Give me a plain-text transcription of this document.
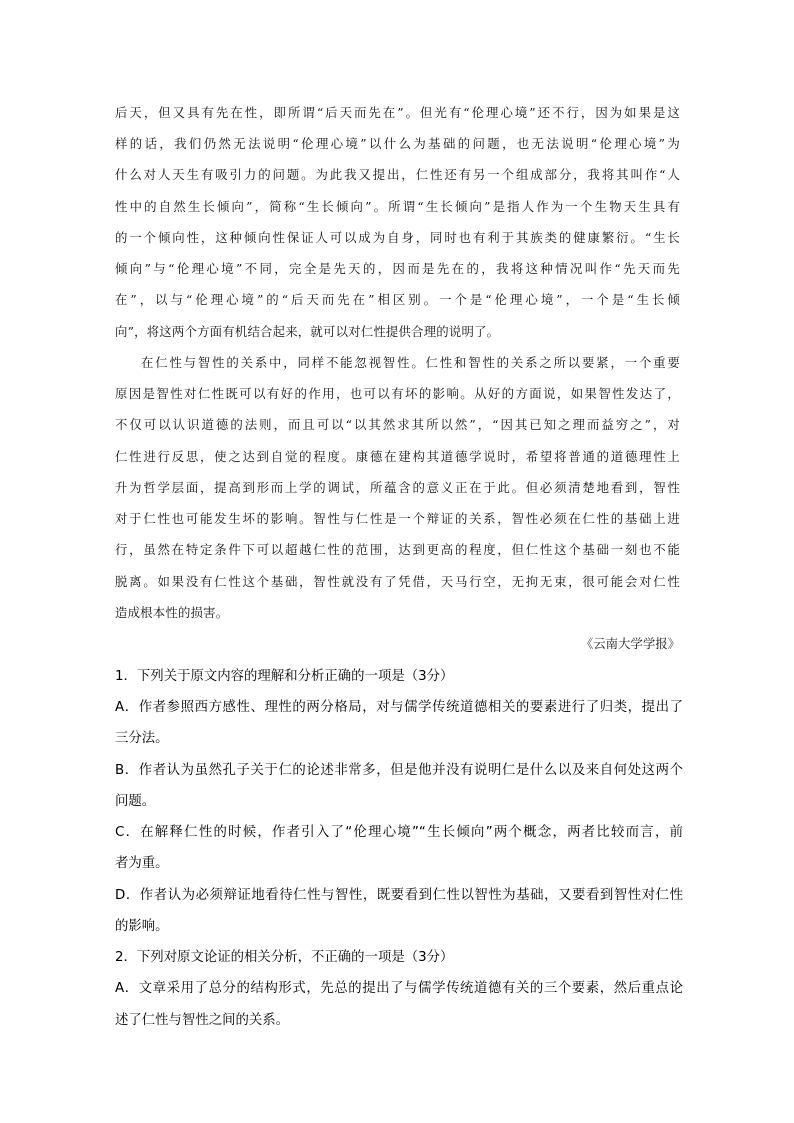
后天，但又具有先在性，即所谓“后天而先在”。但光有“伦理心境”还不行，因为如果是这
样的话，我们仍然无法说明“伦理心境”以什么为基础的问题，也无法说明“伦理心境”为
什么对人天生有吸引力的问题。为此我又提出，仁性还有另一个组成部分，我将其叫作“人
性中的自然生长倾向”，简称“生长倾向”。所谓“生长倾向”是指人作为一个生物天生具有
的一个倾向性，这种倾向性保证人可以成为自身，同时也有利于其族类的健康繁衍。“生长
倾向”与“伦理心境”不同，完全是先天的，因而是先在的，我将这种情况叫作“先天而先
在”，以与“伦理心境”的“后天而先在”相区别。一个是“伦理心境”，一个是“生长倾
向”，将这两个方面有机结合起来，就可以对仁性提供合理的说明了。
在仁性与智性的关系中，同样不能忽视智性。仁性和智性的关系之所以要紧，一个重要
原因是智性对仁性既可以有好的作用，也可以有坏的影响。从好的方面说，如果智性发达了，
不仅可以认识道德的法则，而且可以“以其然求其所以然”，“因其已知之理而益穷之”，对
仁性进行反思，使之达到自觉的程度。康德在建构其道德学说时，希望将普通的道德理性上
升为哲学层面，提高到形而上学的调试，所蕴含的意义正在于此。但必须清楚地看到，智性
对于仁性也可能发生坏的影响。智性与仁性是一个辩证的关系，智性必须在仁性的基础上进
行，虽然在特定条件下可以超越仁性的范围，达到更高的程度，但仁性这个基础一刻也不能
脱离。如果没有仁性这个基础，智性就没有了凭借，天马行空，无拘无束，很可能会对仁性
造成根本性的损害。
《云南大学学报》
1．下列关于原文内容的理解和分析正确的一项是（3分）
A．作者参照西方感性、理性的两分格局，对与儒学传统道德相关的要素进行了归类，提出了
三分法。
B．作者认为虽然孔子关于仁的论述非常多，但是他并没有说明仁是什么以及来自何处这两个
问题。
C．在解释仁性的时候，作者引入了“伦理心境”“生长倾向”两个概念，两者比较而言，前
者为重。
D．作者认为必须辩证地看待仁性与智性，既要看到仁性以智性为基础，又要看到智性对仁性
的影响。
2．下列对原文论证的相关分析，不正确的一项是（3分）
A．文章采用了总分的结构形式，先总的提出了与儒学传统道德有关的三个要素，然后重点论
述了仁性与智性之间的关系。
